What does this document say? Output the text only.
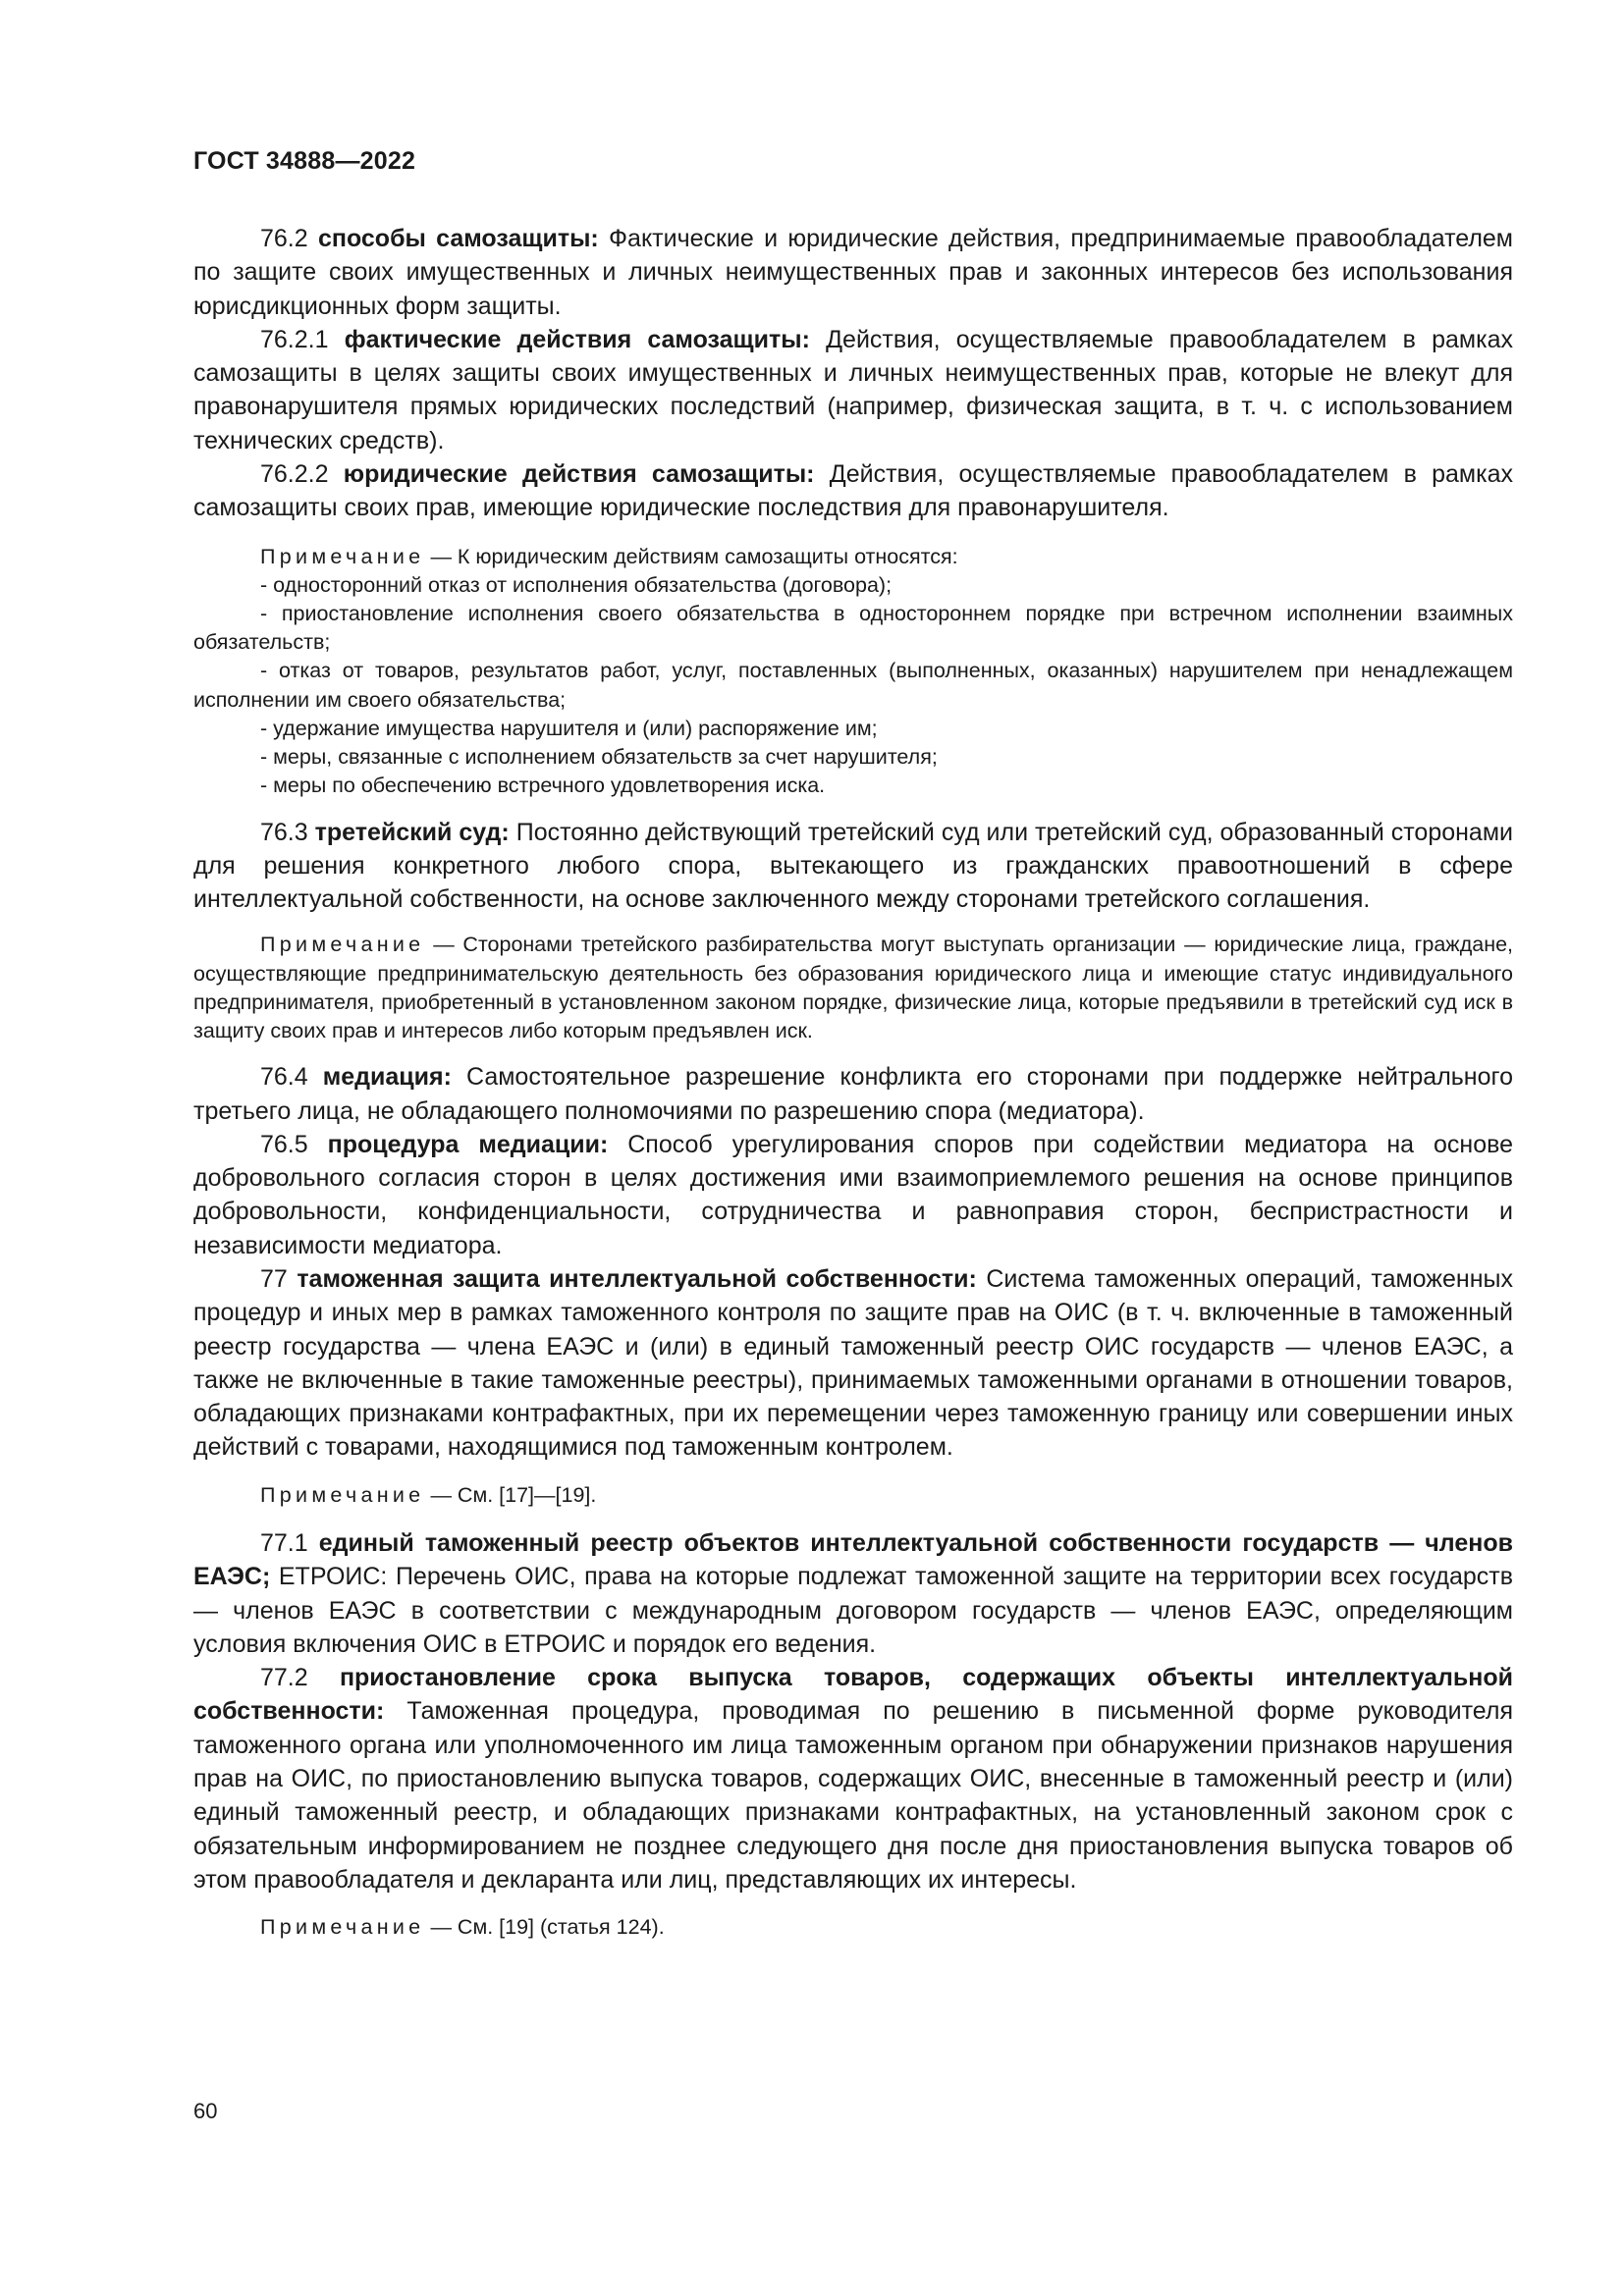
ГОСТ 34888—2022

76.2 способы самозащиты: Фактические и юридические действия, предпринимаемые правообладателем по защите своих имущественных и личных неимущественных прав и законных интересов без использования юрисдикционных форм защиты.

76.2.1 фактические действия самозащиты: Действия, осуществляемые правообладателем в рамках самозащиты в целях защиты своих имущественных и личных неимущественных прав, которые не влекут для правонарушителя прямых юридических последствий (например, физическая защита, в т. ч. с использованием технических средств).

76.2.2 юридические действия самозащиты: Действия, осуществляемые правообладателем в рамках самозащиты своих прав, имеющие юридические последствия для правонарушителя.

Примечание — К юридическим действиям самозащиты относятся:

- односторонний отказ от исполнения обязательства (договора);

- приостановление исполнения своего обязательства в одностороннем порядке при встречном исполнении взаимных обязательств;

- отказ от товаров, результатов работ, услуг, поставленных (выполненных, оказанных) нарушителем при ненадлежащем исполнении им своего обязательства;

- удержание имущества нарушителя и (или) распоряжение им;

- меры, связанные с исполнением обязательств за счет нарушителя;

- меры по обеспечению встречного удовлетворения иска.

76.3 третейский суд: Постоянно действующий третейский суд или третейский суд, образованный сторонами для решения конкретного любого спора, вытекающего из гражданских правоотношений в сфере интеллектуальной собственности, на основе заключенного между сторонами третейского соглашения.

Примечание — Сторонами третейского разбирательства могут выступать организации — юридические лица, граждане, осуществляющие предпринимательскую деятельность без образования юридического лица и имеющие статус индивидуального предпринимателя, приобретенный в установленном законом порядке, физические лица, которые предъявили в третейский суд иск в защиту своих прав и интересов либо которым предъявлен иск.

76.4 медиация: Самостоятельное разрешение конфликта его сторонами при поддержке нейтрального третьего лица, не обладающего полномочиями по разрешению спора (медиатора).

76.5 процедура медиации: Способ урегулирования споров при содействии медиатора на основе добровольного согласия сторон в целях достижения ими взаимоприемлемого решения на основе принципов добровольности, конфиденциальности, сотрудничества и равноправия сторон, беспристрастности и независимости медиатора.

77 таможенная защита интеллектуальной собственности: Система таможенных операций, таможенных процедур и иных мер в рамках таможенного контроля по защите прав на ОИС (в т. ч. включенные в таможенный реестр государства — члена ЕАЭС и (или) в единый таможенный реестр ОИС государств — членов ЕАЭС, а также не включенные в такие таможенные реестры), принимаемых таможенными органами в отношении товаров, обладающих признаками контрафактных, при их перемещении через таможенную границу или совершении иных действий с товарами, находящимися под таможенным контролем.

Примечание — См. [17]—[19].

77.1 единый таможенный реестр объектов интеллектуальной собственности государств — членов ЕАЭС; ЕТРОИС: Перечень ОИС, права на которые подлежат таможенной защите на территории всех государств — членов ЕАЭС в соответствии с международным договором государств — членов ЕАЭС, определяющим условия включения ОИС в ЕТРОИС и порядок его ведения.

77.2 приостановление срока выпуска товаров, содержащих объекты интеллектуальной собственности: Таможенная процедура, проводимая по решению в письменной форме руководителя таможенного органа или уполномоченного им лица таможенным органом при обнаружении признаков нарушения прав на ОИС, по приостановлению выпуска товаров, содержащих ОИС, внесенные в таможенный реестр и (или) единый таможенный реестр, и обладающих признаками контрафактных, на установленный законом срок с обязательным информированием не позднее следующего дня после дня приостановления выпуска товаров об этом правообладателя и декларанта или лиц, представляющих их интересы.

Примечание — См. [19] (статья 124).

60
